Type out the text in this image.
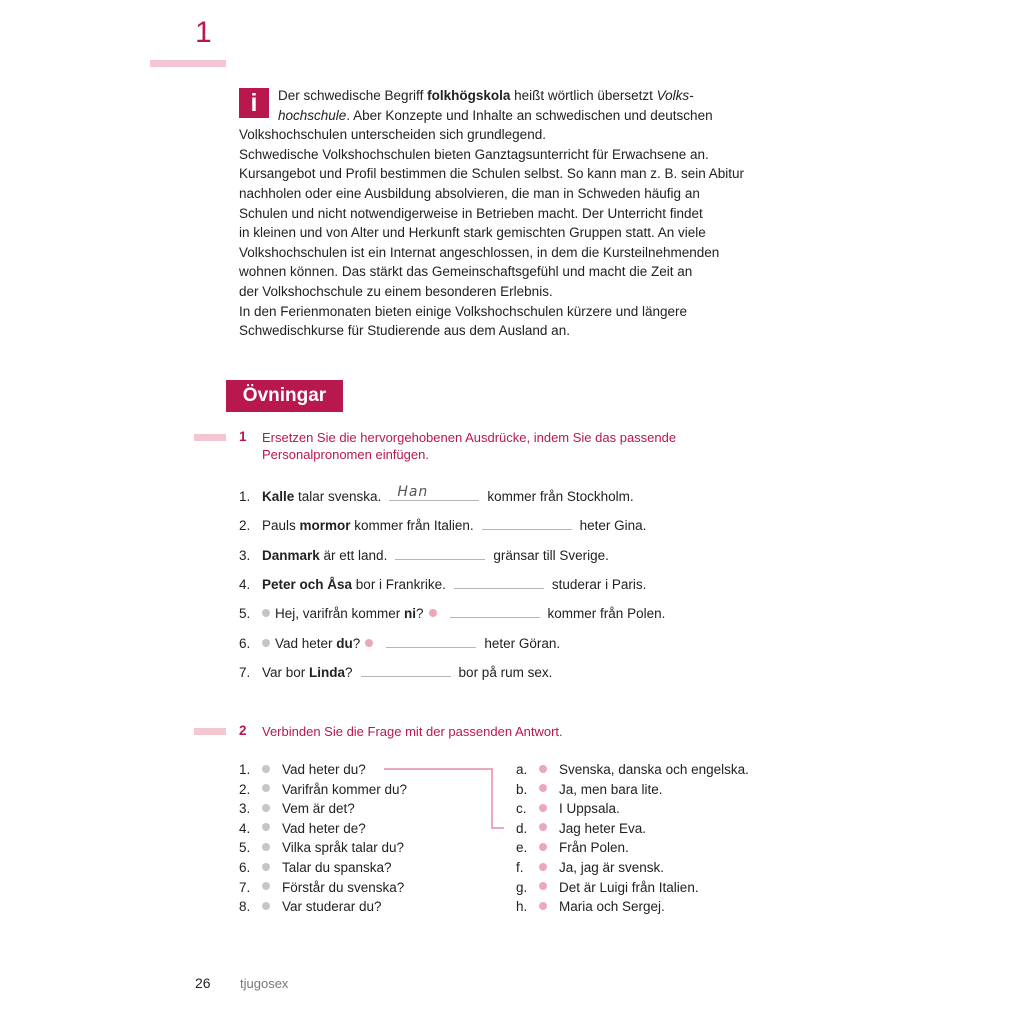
1
i	Der schwedische Begriff folkhögskola heißt wörtlich übersetzt Volks-
hochschule. Aber Konzepte und Inhalte an schwedischen und deutschen
Volkshochschulen unterscheiden sich grundlegend.
Schwedische Volkshochschulen bieten Ganztagsunterricht für Erwachsene an.
Kursangebot und Profil bestimmen die Schulen selbst. So kann man z. B. sein Abitur
nachholen oder eine Ausbildung absolvieren, die man in Schweden häufig an
Schulen und nicht notwendigerweise in Betrieben macht. Der Unterricht findet
in kleinen und von Alter und Herkunft stark gemischten Gruppen statt. An viele
Volkshochschulen ist ein Internat angeschlossen, in dem die Kursteilnehmenden
wohnen können. Das stärkt das Gemeinschaftsgefühl und macht die Zeit an
der Volkshochschule zu einem besonderen Erlebnis.
In den Ferienmonaten bieten einige Volkshochschulen kürzere und längere
Schwedischkurse für Studierende aus dem Ausland an.
Övningar
1 Ersetzen Sie die hervorgehobenen Ausdrücke, indem Sie das passende
Personalpronomen einfügen.
1. Kalle talar svenska. Han	kommer från Stockholm.
2. Pauls mormor kommer från Italien.	heter Gina.
3. Danmark är ett land.	gränsar till Sverige.
4. Peter och Åsa bor i Frankrike.	studerar i Paris.
5.	Hej, varifrån kommer ni?	kommer från Polen.
6.	Vad heter du?	heter Göran.
7. Var bor Linda?	bor på rum sex.
2 Verbinden Sie die Frage mit der passenden Antwort.
1.	Vad heter du?
2.	Varifrån kommer du?
3.	Vem är det?
4.	Vad heter de?
5.	Vilka språk talar du?
6.	Talar du spanska?
7.	Förstår du svenska?
8.	Var studerar du?
a.	Svenska, danska och engelska.
b.	Ja, men bara lite.
c.	I Uppsala.
d.	Jag heter Eva.
e.	Från Polen.
f.	Ja, jag är svensk.
g.	Det är Luigi från Italien.
h.	Maria och Sergej.
26 tjugosex
